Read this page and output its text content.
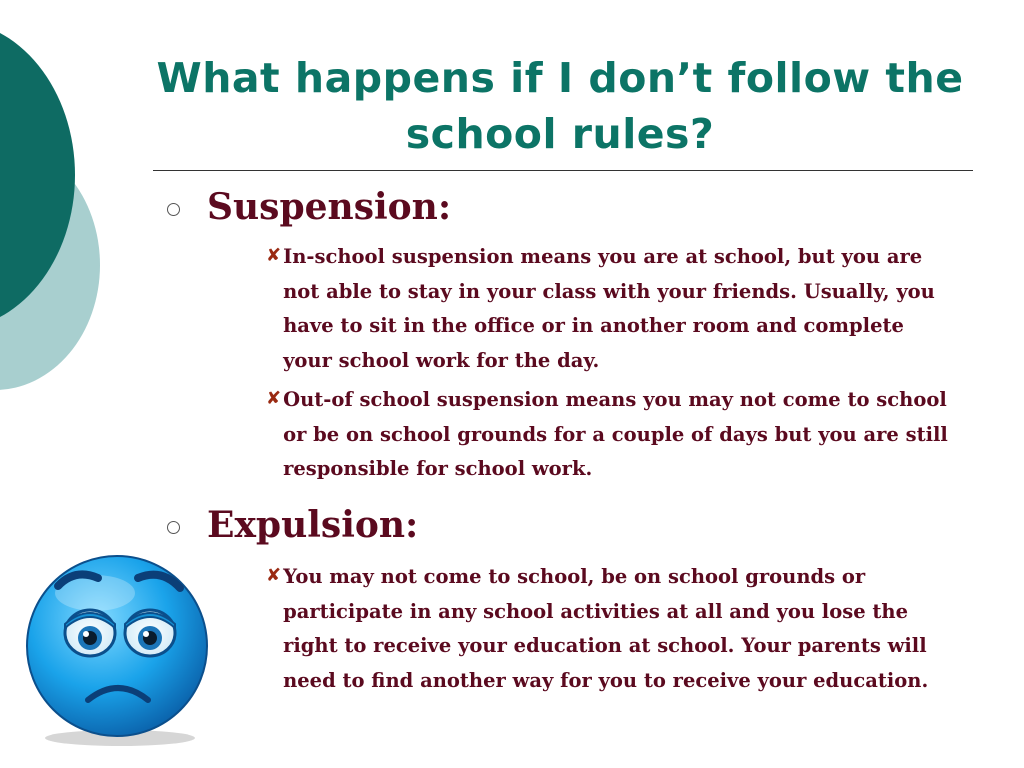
What happens if I don’t follow the
school rules?
Suspension:
✘ In-school suspension means you are at school, but you are not able to stay in your class with your friends. Usually, you have to sit in the office or in another room and complete your school work for the day.
✘ Out-of school suspension means you may not come to school or be on school grounds for a couple of days but you are still responsible for school work.
Expulsion:
✘ You may not come to school, be on school grounds or participate in any school activities at all and you lose the right to receive your education at school. Your parents will need to find another way for you to receive your education.
